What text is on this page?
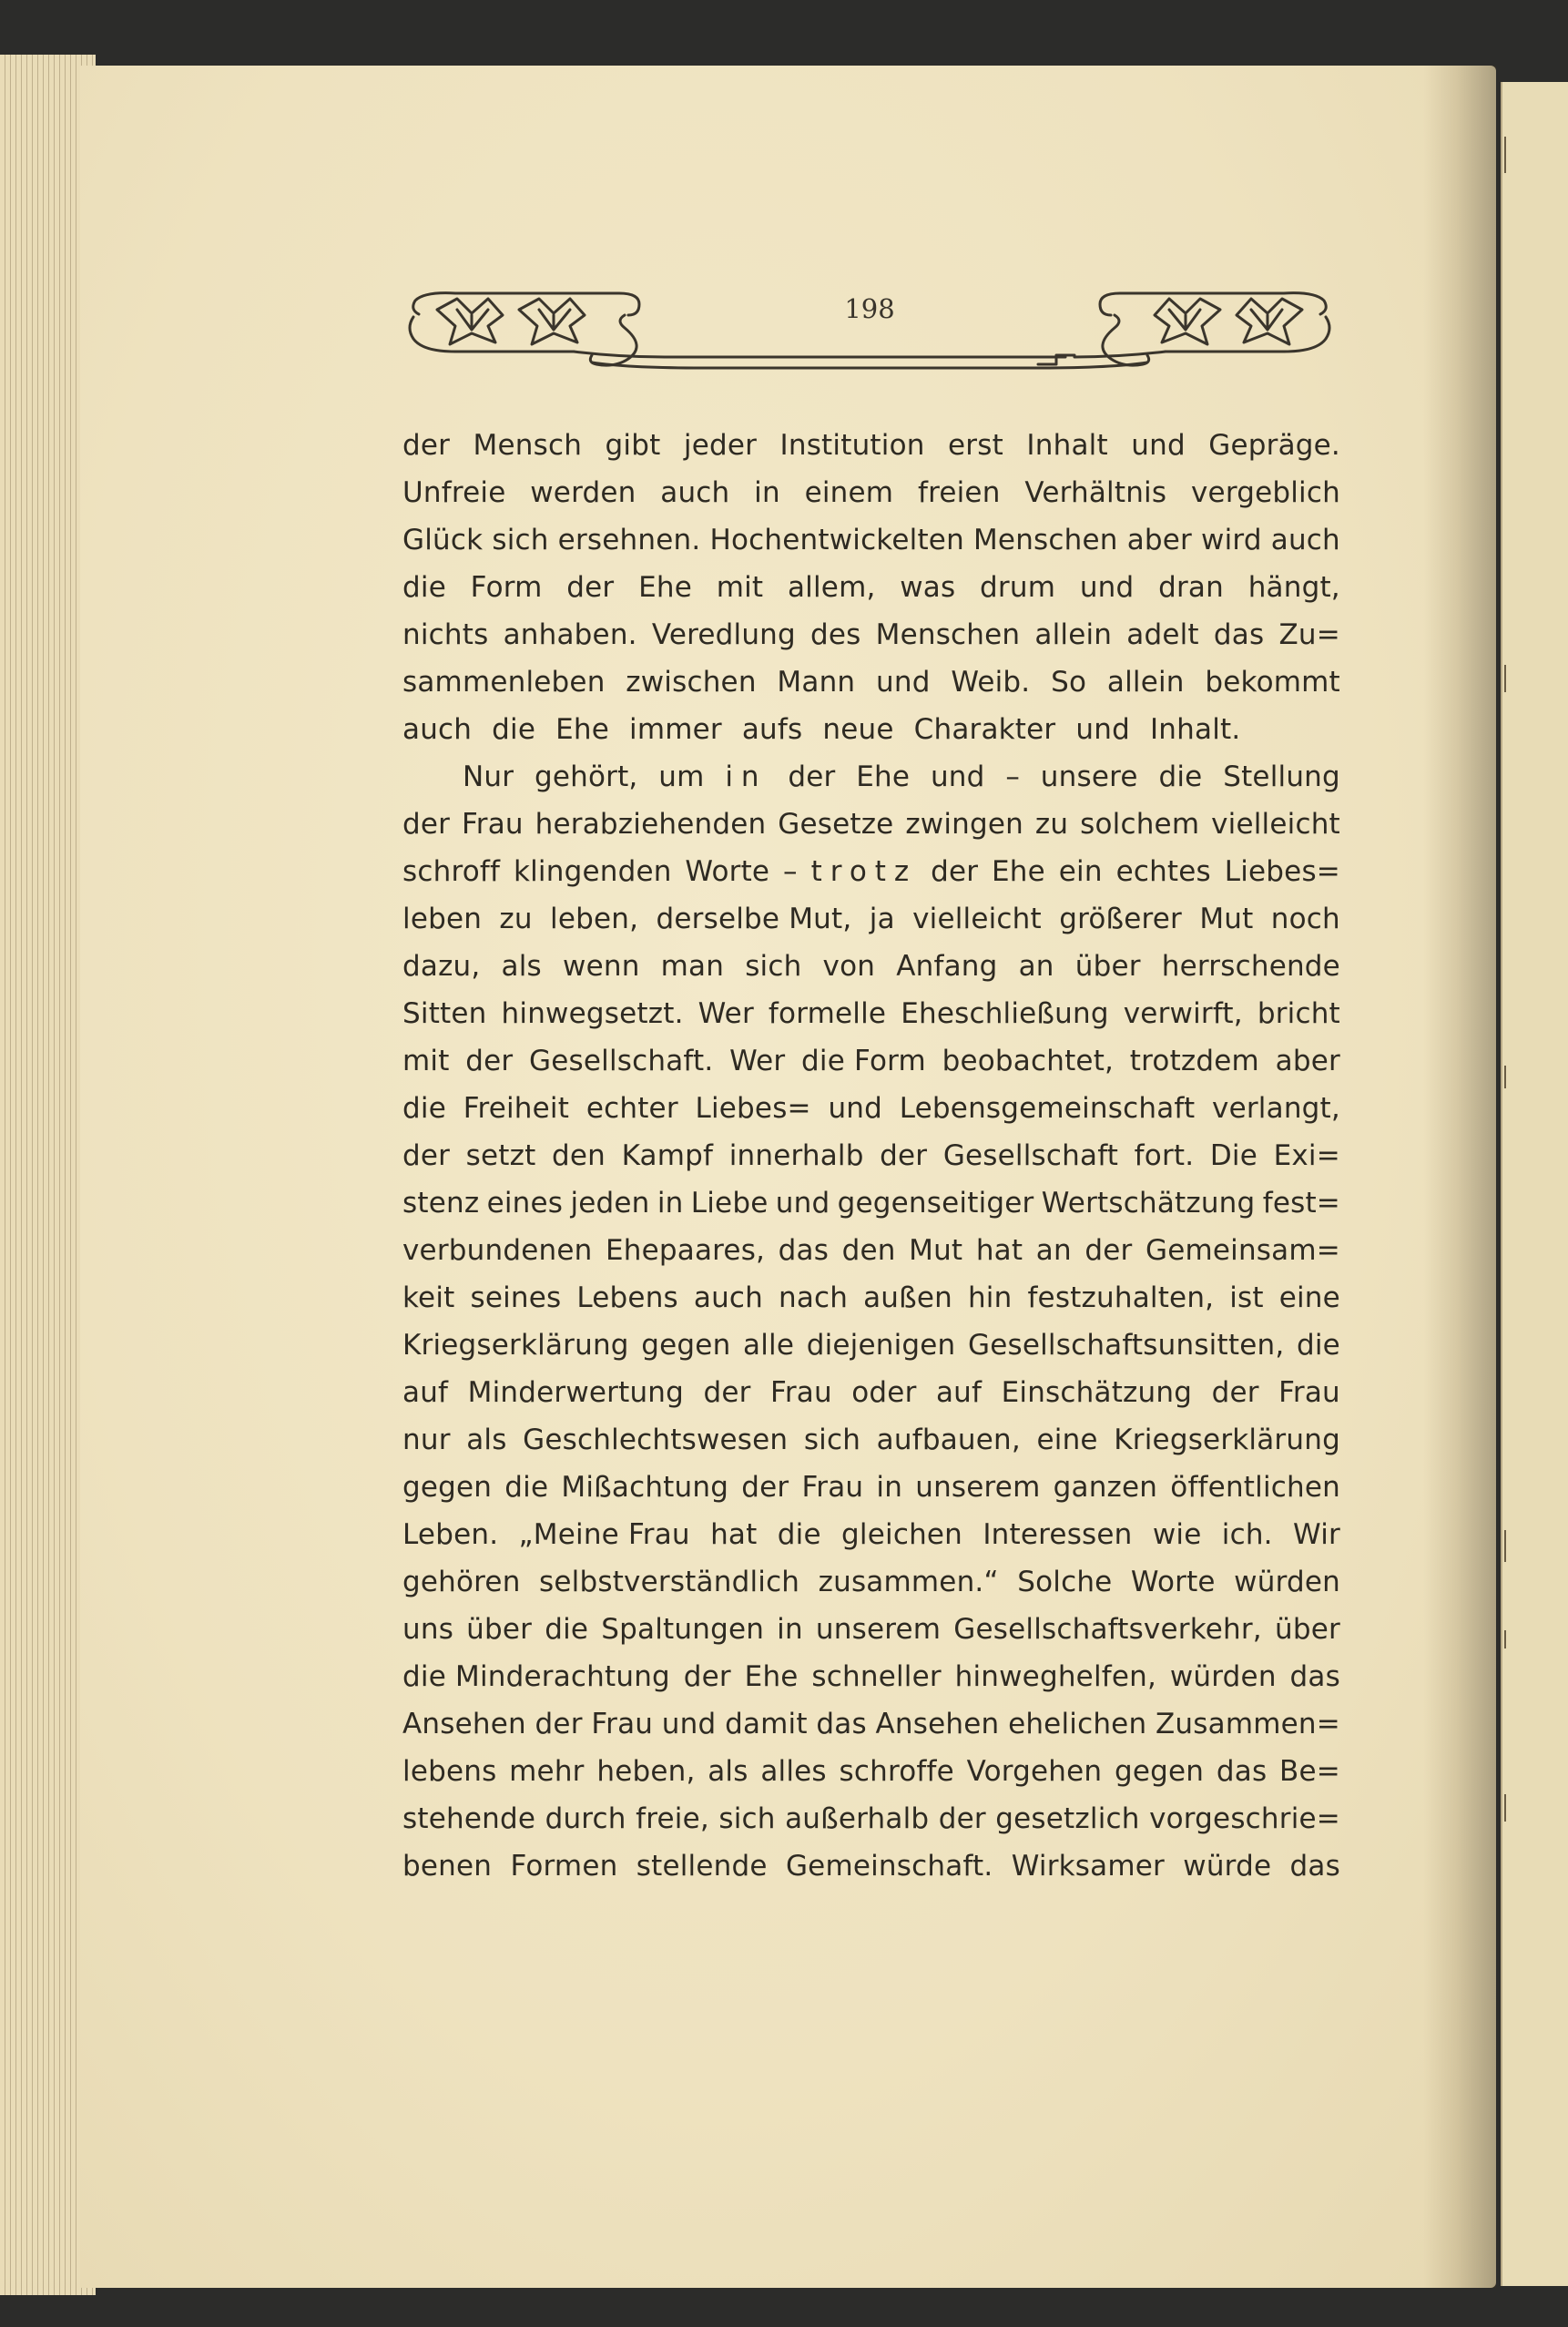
198
der Mensch gibt jeder Institution erst Inhalt und Gepräge.
Unfreie werden auch in einem freien Verhältnis vergeblich
Glück sich ersehnen. Hochentwickelten Menschen aber wird auch
die Form der Ehe mit allem, was drum und dran hängt,
nichts anhaben. Veredlung des Menschen allein adelt das Zu=
sammenleben zwischen Mann und Weib. So allein bekommt
auch die Ehe immer aufs neue Charakter und Inhalt.
Nur gehört, um in der Ehe und – unsere die Stellung
der Frau herabziehenden Gesetze zwingen zu solchem vielleicht
schroff klingenden Worte – trotz der Ehe ein echtes Liebes=
leben zu leben, derselbe Mut, ja vielleicht größerer Mut noch
dazu, als wenn man sich von Anfang an über herrschende
Sitten hinwegsetzt. Wer formelle Eheschließung verwirft, bricht
mit der Gesellschaft. Wer die Form beobachtet, trotzdem aber
die Freiheit echter Liebes= und Lebensgemeinschaft verlangt,
der setzt den Kampf innerhalb der Gesellschaft fort. Die Exi=
stenz eines jeden in Liebe und gegenseitiger Wertschätzung fest=
verbundenen Ehepaares, das den Mut hat an der Gemeinsam=
keit seines Lebens auch nach außen hin festzuhalten, ist eine
Kriegserklärung gegen alle diejenigen Gesellschaftsunsitten, die
auf Minderwertung der Frau oder auf Einschätzung der Frau
nur als Geschlechtswesen sich aufbauen, eine Kriegserklärung
gegen die Mißachtung der Frau in unserem ganzen öffentlichen
Leben. „Meine Frau hat die gleichen Interessen wie ich. Wir
gehören selbstverständlich zusammen.“ Solche Worte würden
uns über die Spaltungen in unserem Gesellschaftsverkehr, über
die Minderachtung der Ehe schneller hinweghelfen, würden das
Ansehen der Frau und damit das Ansehen ehelichen Zusammen=
lebens mehr heben, als alles schroffe Vorgehen gegen das Be=
stehende durch freie, sich außerhalb der gesetzlich vorgeschrie=
benen Formen stellende Gemeinschaft. Wirksamer würde das
